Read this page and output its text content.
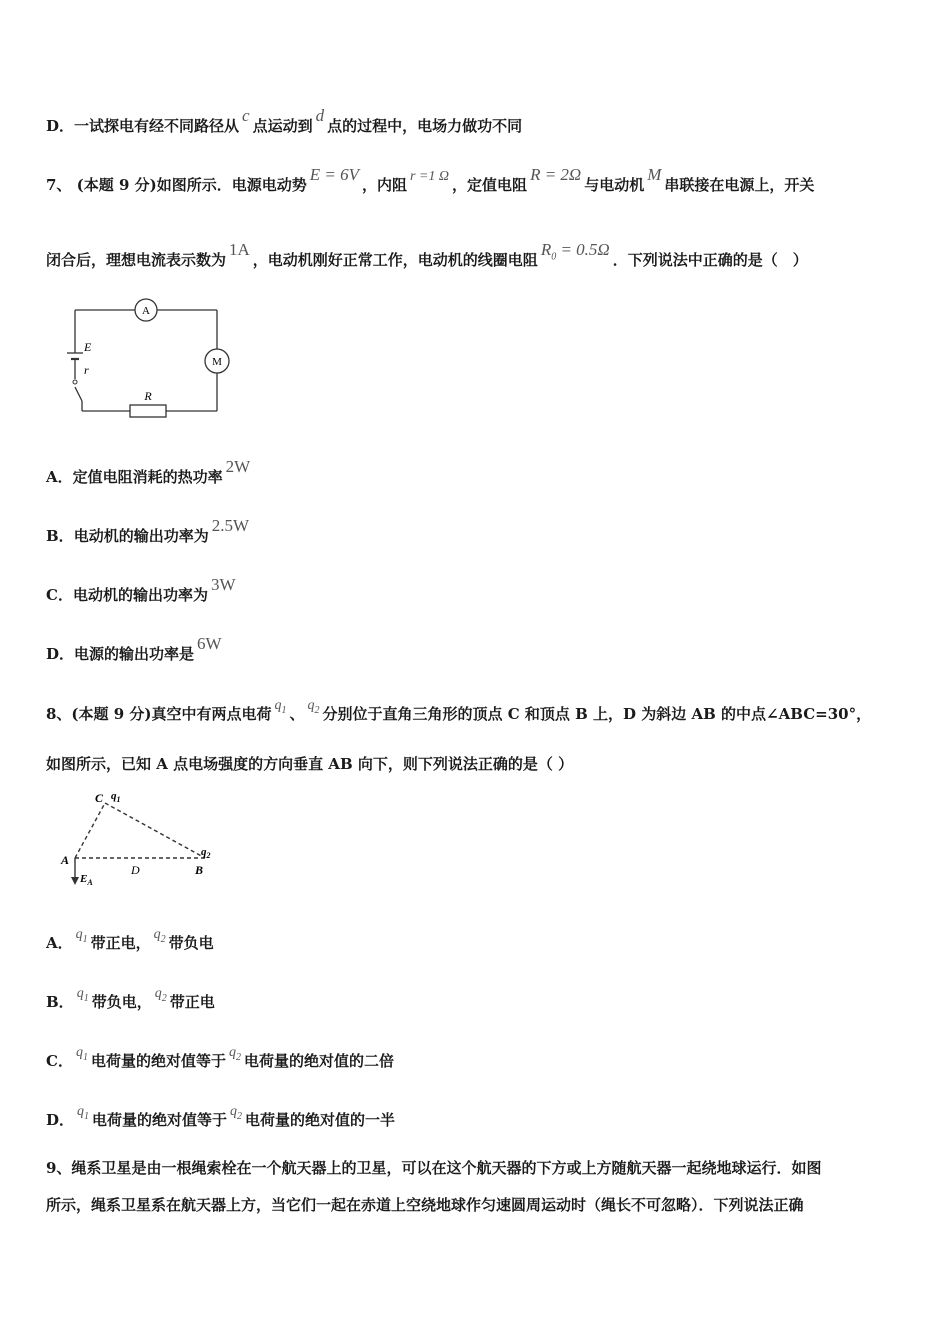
D．一试探电有经不同路径从c点运动到d点的过程中，电场力做功不同
7、 (本题 9 分)如图所示．电源电动势E = 6V，内阻 r =1 Ω ，定值电阻R = 2Ω与电动机M串联接在电源上，开关
闭合后，理想电流表示数为1A，电动机刚好正常工作，电动机的线圈电阻$R_0 = 0.5\Omega$．下列说法中正确的是（　）
A
M
E
r
R
A．定值电阻消耗的热功率2W
B．电动机的输出功率为2.5W
C．电动机的输出功率为3W
D．电源的输出功率是6W
8、(本题 9 分)真空中有两点电荷 $q_1$ 、 $q_2$ 分别位于直角三角形的顶点 C 和顶点 B 上，D 为斜边 AB 的中点∠ABC=30°，
如图所示，已知 A 点电场强度的方向垂直 AB 向下，则下列说法正确的是（ ）
C $q_1$
$q_2$
A
D	B
$E_A$
A． $q_1$ 带正电， $q_2$ 带负电
B． $q_1$ 带负电， $q_2$ 带正电
C． $q_1$ 电荷量的绝对值等于 $q_2$ 电荷量的绝对值的二倍
D． $q_1$ 电荷量的绝对值等于 $q_2$ 电荷量的绝对值的一半
9、绳系卫星是由一根绳索栓在一个航天器上的卫星，可以在这个航天器的下方或上方随航天器一起绕地球运行．如图
所示，绳系卫星系在航天器上方，当它们一起在赤道上空绕地球作匀速圆周运动时（绳长不可忽略）．下列说法正确
